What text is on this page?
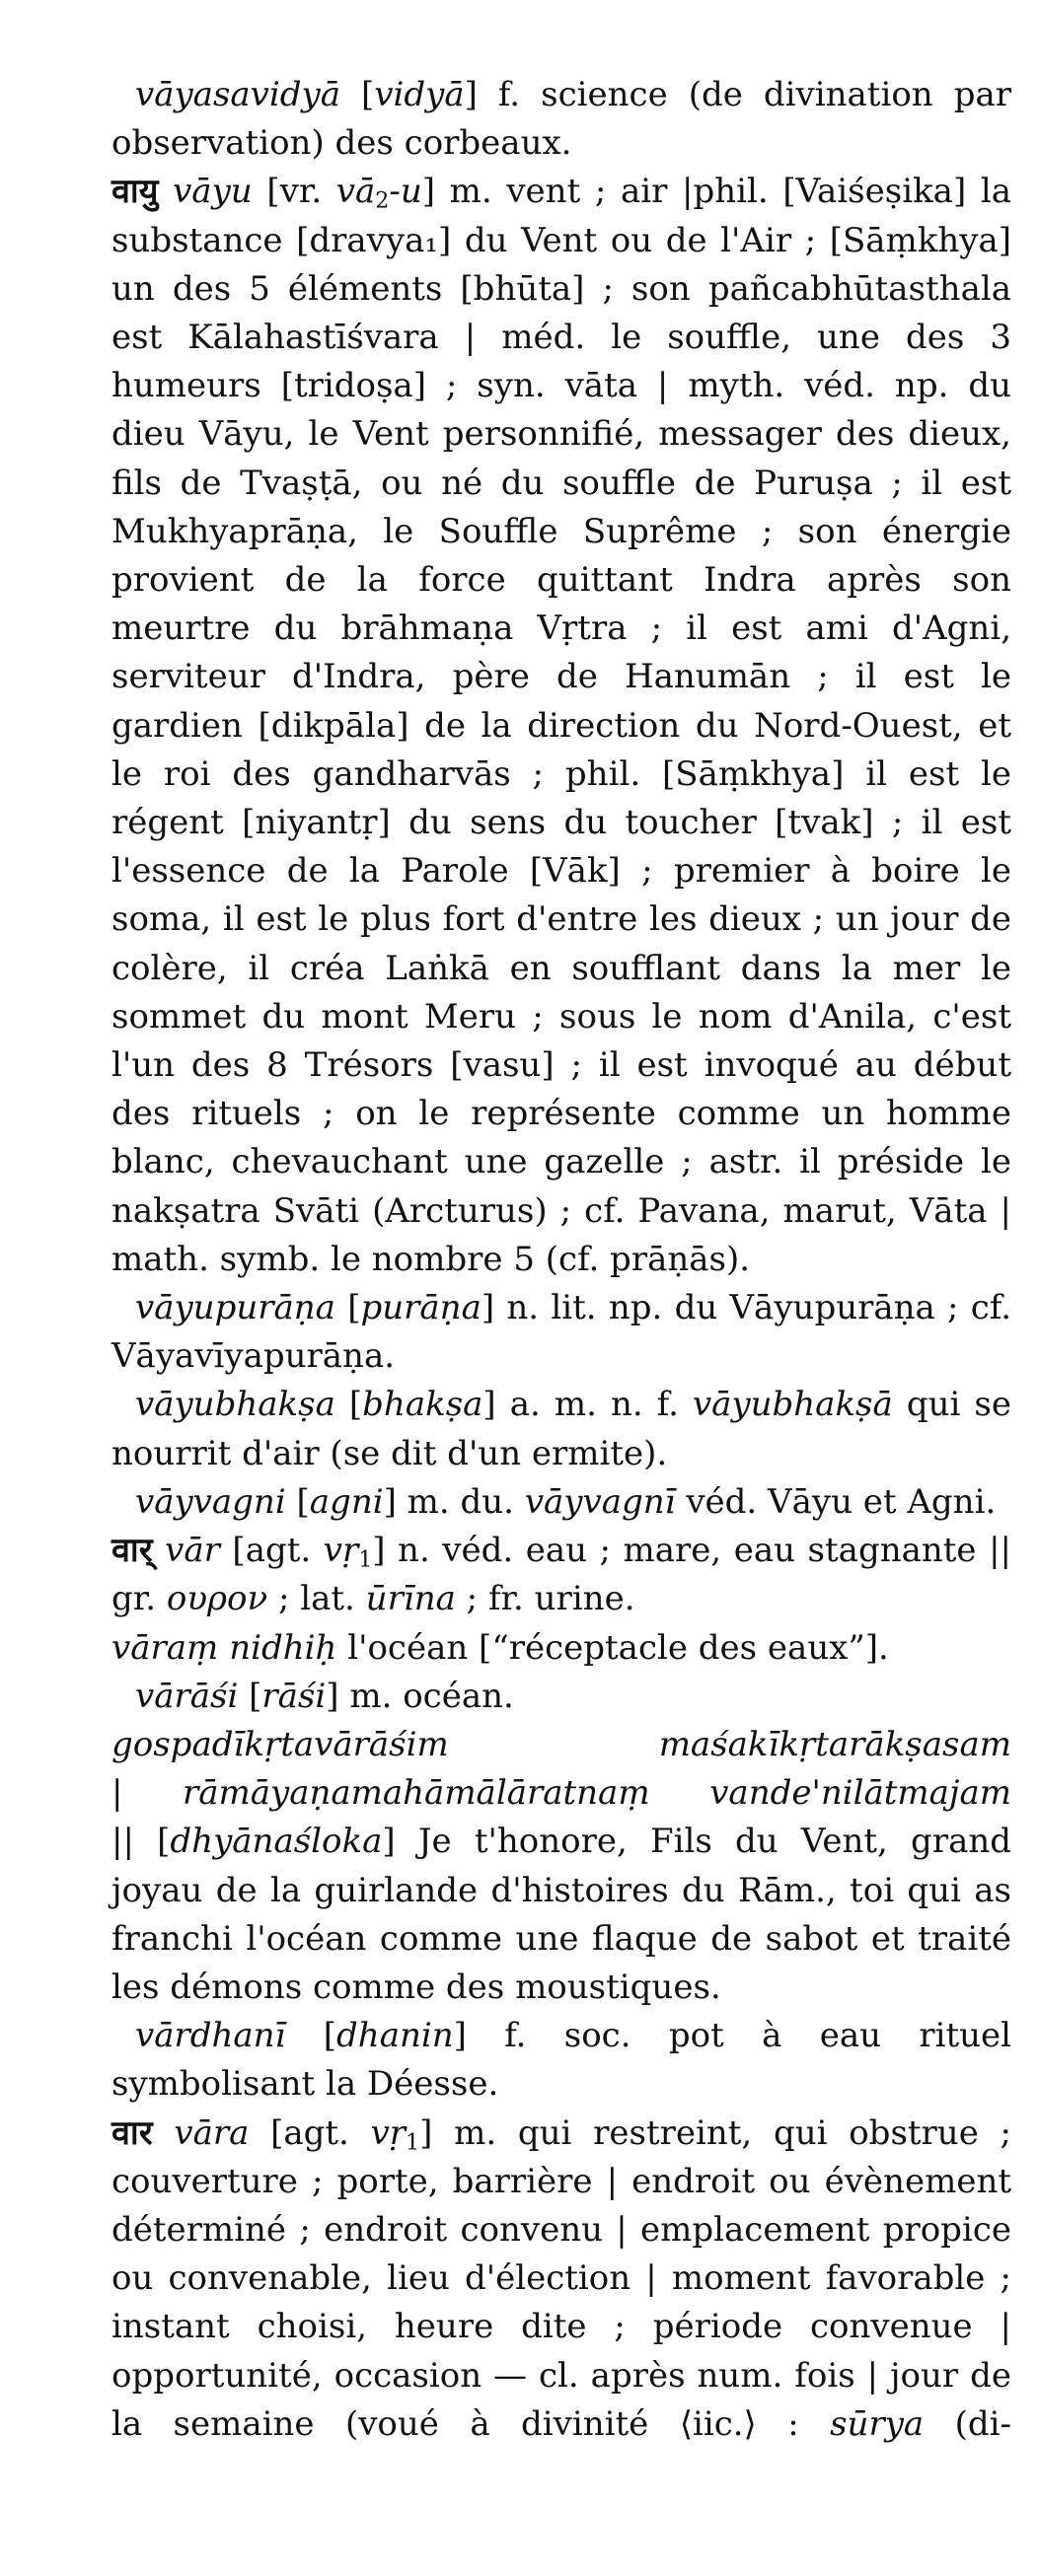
vāyasavidyā [vidyā] f. science (de divination par observation) des corbeaux.

वायु vāyu [vr. $vā_2-u$] m. vent ; air |phil. [Vaiśeṣika] la substance [dravya₁] du Vent ou de l'Air ; [Sāṃkhya] un des 5 éléments [bhūta] ; son pañcabhūtasthala est Kālahastīśvara | méd. le souffle, une des 3 humeurs [tridoṣa] ; syn. vāta | myth. véd. np. du dieu Vāyu, le Vent personnifié, messager des dieux, fils de Tvaṣṭā, ou né du souffle de Puruṣa ; il est Mukhyaprāṇa, le Souffle Suprême ; son énergie provient de la force quittant Indra après son meurtre du brāhmaṇa Vṛtra ; il est ami d'Agni, serviteur d'Indra, père de Hanumān ; il est le gardien [dikpāla] de la direction du Nord-Ouest, et le roi des gandharvās ; phil. [Sāṃkhya] il est le régent [niyantṛ] du sens du toucher [tvak] ; il est l'essence de la Parole [Vāk] ; premier à boire le soma, il est le plus fort d'entre les dieux ; un jour de colère, il créa Laṅkā en soufflant dans la mer le sommet du mont Meru ; sous le nom d'Anila, c'est l'un des 8 Trésors [vasu] ; il est invoqué au début des rituels ; on le représente comme un homme blanc, chevauchant une gazelle ; astr. il préside le nakṣatra Svāti (Arcturus) ; cf. Pavana, marut, Vāta | math. symb. le nombre 5 (cf. prāṇās).

vāyupurāṇa [purāṇa] n. lit. np. du Vāyupurāṇa ; cf. Vāyavīyapurāṇa.

vāyubhakṣa [bhakṣa] a. m. n. f. vāyubhakṣā qui se nourrit d'air (se dit d'un ermite).

vāyvagni [agni] m. du. vāyvagnī véd. Vāyu et Agni.

वार् vār [agt. vṛ$_1$] n. véd. eau ; mare, eau stagnante || gr. ουρον ; lat. ūrīna ; fr. urine.

vāraṃ nidhiḥ l'océan [“réceptacle des eaux”].

vārāśi [rāśi] m. océan.

gospadīkṛtavārāśim	maśakīkṛtarākṣasam
| rāmāyaṇamahāmālāratnaṃ vande'nilātmajam

|| [dhyānaśloka] Je t'honore, Fils du Vent, grand joyau de la guirlande d'histoires du Rām., toi qui as franchi l'océan comme une flaque de sabot et traité les démons comme des moustiques.

vārdhanī [dhanin] f. soc. pot à eau rituel symbolisant la Déesse.

वार vāra [agt. vṛ$_1$] m. qui restreint, qui obstrue ; couverture ; porte, barrière | endroit ou évènement déterminé ; endroit convenu | emplacement propice ou convenable, lieu d'élection | moment favorable ; instant choisi, heure dite ; période convenue | opportunité, occasion — cl. après num. fois | jour de la semaine (voué à divinité ⟨iic.⟩ : sūrya (di-
